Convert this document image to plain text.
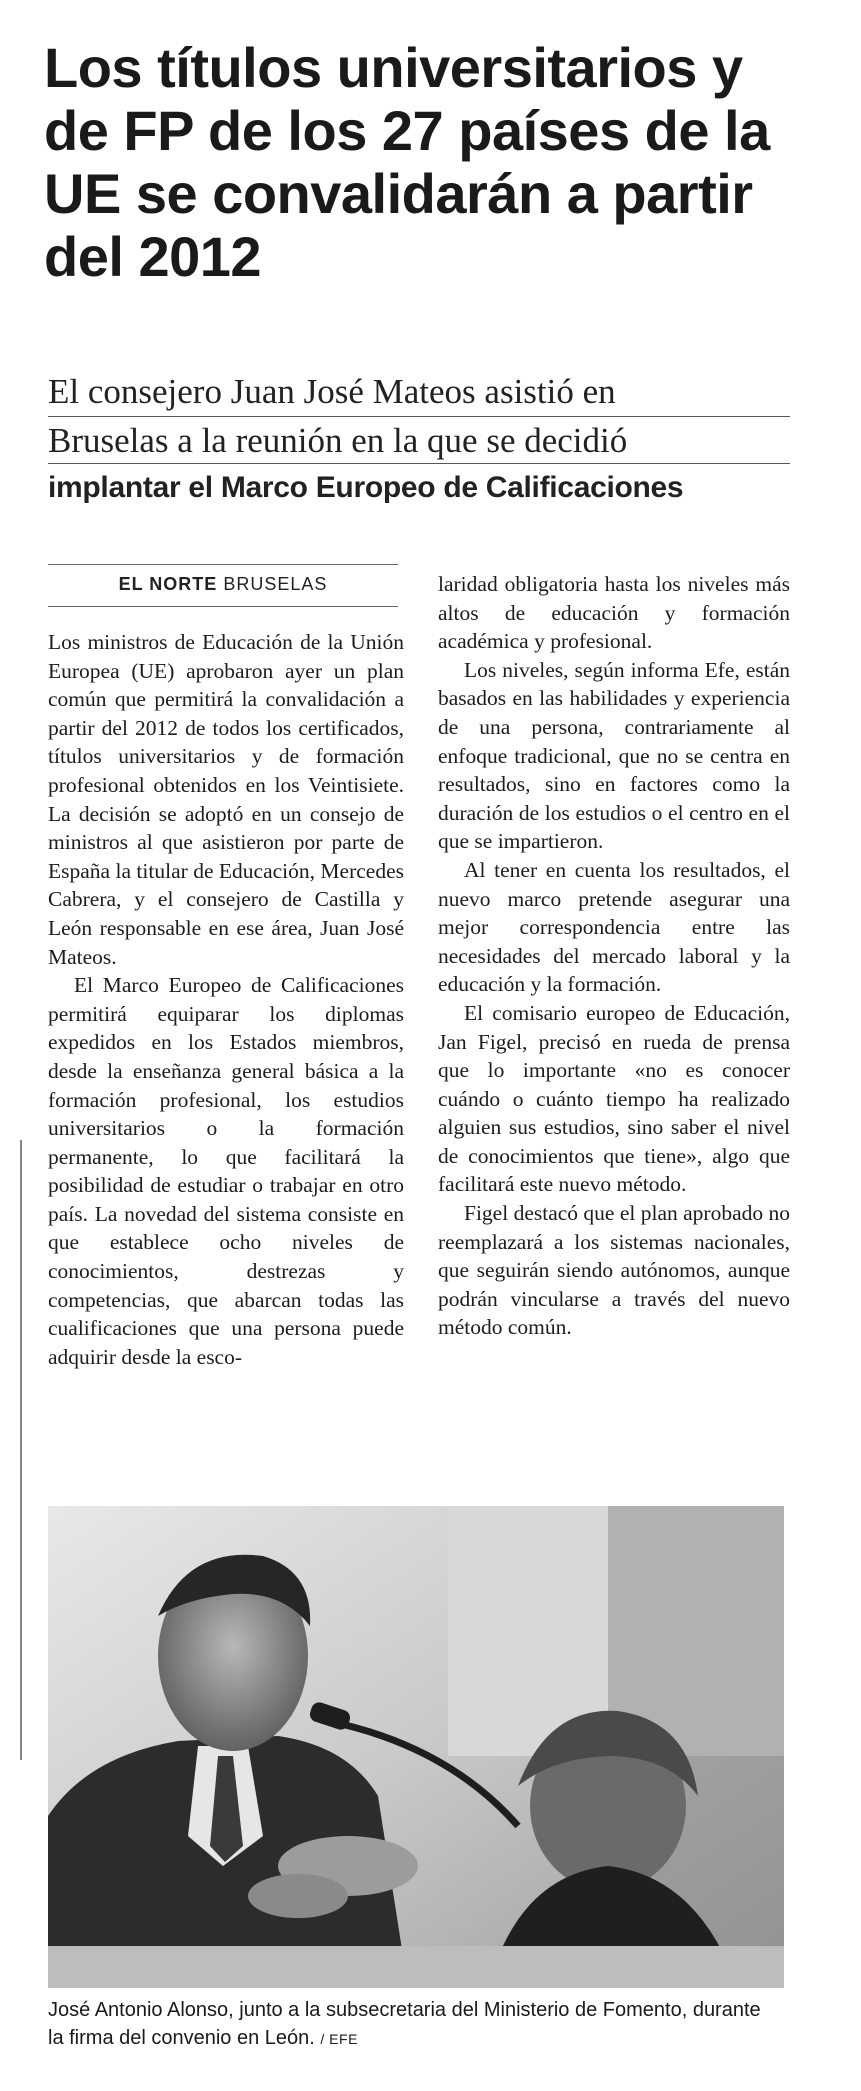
Los títulos universitarios y de FP de los 27 países de la UE se convalidarán a partir del 2012
El consejero Juan José Mateos asistió en
Bruselas a la reunión en la que se decidió
implantar el Marco Europeo de Calificaciones
EL NORTE BRUSELAS

Los ministros de Educación de la Unión Europea (UE) aprobaron ayer un plan común que permitirá la convalidación a partir del 2012 de todos los certificados, títulos universitarios y de formación profesional obtenidos en los Veintisiete. La decisión se adoptó en un consejo de ministros al que asistieron por parte de España la titular de Educación, Mercedes Cabrera, y el consejero de Castilla y León responsable en ese área, Juan José Mateos.

El Marco Europeo de Calificaciones permitirá equiparar los diplomas expedidos en los Estados miembros, desde la enseñanza general básica a la formación profesional, los estudios universitarios o la formación permanente, lo que facilitará la posibilidad de estudiar o trabajar en otro país. La novedad del sistema consiste en que establece ocho niveles de conocimientos, destrezas y competencias, que abarcan todas las cualificaciones que una persona puede adquirir desde la esco-

laridad obligatoria hasta los niveles más altos de educación y formación académica y profesional.

Los niveles, según informa Efe, están basados en las habilidades y experiencia de una persona, contrariamente al enfoque tradicional, que no se centra en resultados, sino en factores como la duración de los estudios o el centro en el que se impartieron.

Al tener en cuenta los resultados, el nuevo marco pretende asegurar una mejor correspondencia entre las necesidades del mercado laboral y la educación y la formación.

El comisario europeo de Educación, Jan Figel, precisó en rueda de prensa que lo importante «no es conocer cuándo o cuánto tiempo ha realizado alguien sus estudios, sino saber el nivel de conocimientos que tiene», algo que facilitará este nuevo método.

Figel destacó que el plan aprobado no reemplazará a los sistemas nacionales, que seguirán siendo autónomos, aunque podrán vincularse a través del nuevo método común.

José Antonio Alonso, junto a la subsecretaria del Ministerio de Fomento, durante la firma del convenio en León. / EFE
